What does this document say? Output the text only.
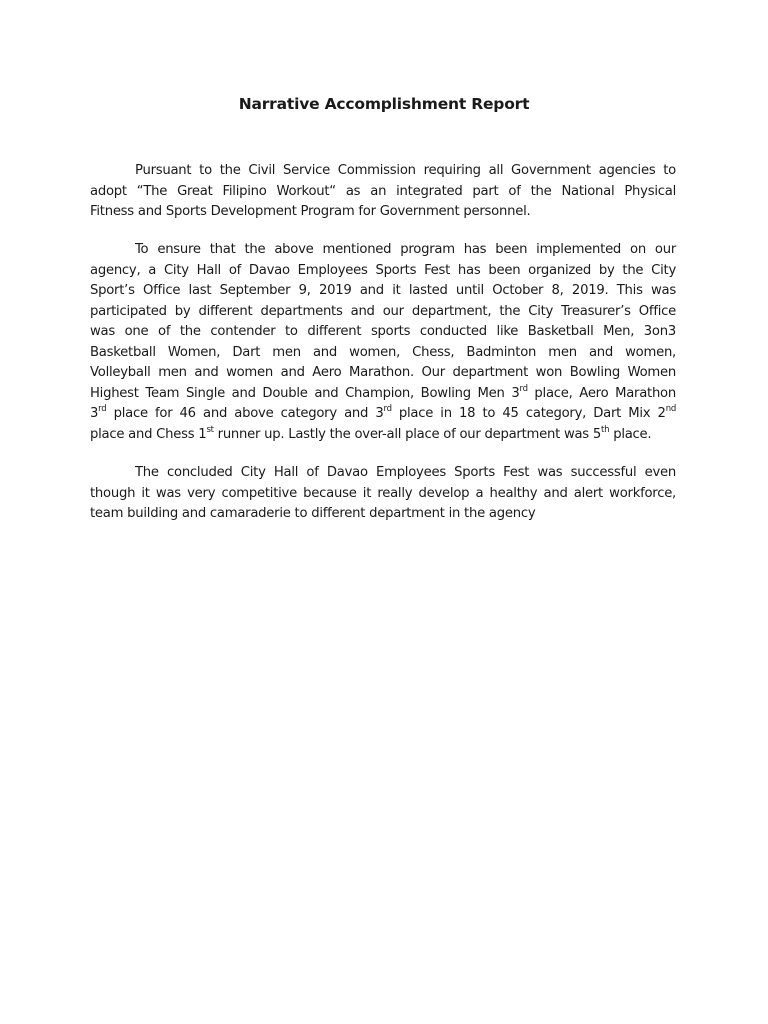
Narrative Accomplishment Report
Pursuant to the Civil Service Commission requiring all Government agencies to
adopt “The Great Filipino Workout“ as an integrated part of the National Physical
Fitness and Sports Development Program for Government personnel.
To ensure that the above mentioned program has been implemented on our
agency, a City Hall of Davao Employees Sports Fest has been organized by the City
Sport’s Office last September 9, 2019 and it lasted until October 8, 2019. This was
participated by different departments and our department, the City Treasurer’s Office
was one of the contender to different sports conducted like Basketball Men, 3on3
Basketball Women, Dart men and women, Chess, Badminton men and women,
Volleyball men and women and Aero Marathon. Our department won Bowling Women
Highest Team Single and Double and Champion, Bowling Men 3rd place, Aero Marathon
3rd place for 46 and above category and 3rd place in 18 to 45 category, Dart Mix 2nd
place and Chess 1st runner up. Lastly the over-all place of our department was 5th place.
The concluded City Hall of Davao Employees Sports Fest was successful even
though it was very competitive because it really develop a healthy and alert workforce,
team building and camaraderie to different department in the agency
